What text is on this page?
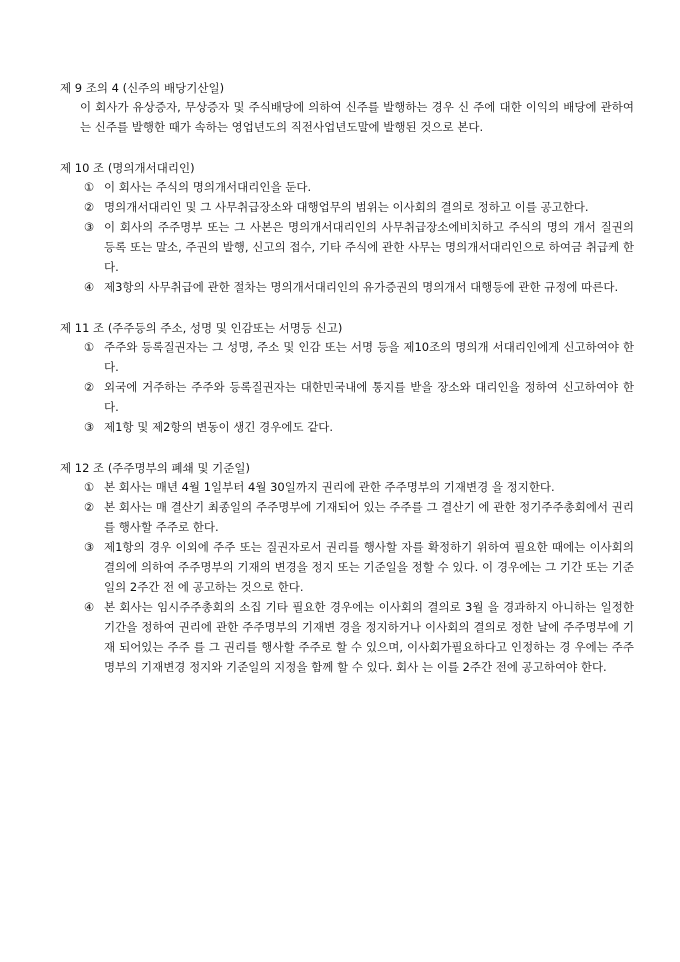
제 9 조의 4 (신주의 배당기산일)
이 회사가 유상증자, 무상증자 및 주식배당에 의하여 신주를 발행하는 경우 신 주에 대한 이익의 배당에 관하여는 신주를 발행한 때가 속하는 영업년도의 직전사업년도말에 발행된 것으로 본다.
제 10 조 (명의개서대리인)
① 이 회사는 주식의 명의개서대리인을 둔다.
② 명의개서대리인 및 그 사무취급장소와 대행업무의 범위는 이사회의 결의로 정하고 이를 공고한다.
③ 이 회사의 주주명부 또는 그 사본은 명의개서대리인의 사무취급장소에비치하고 주식의 명의 개서 질권의 등록 또는 말소, 주권의 발행, 신고의 접수, 기타 주식에 관한 사무는 명의개서대리인으로 하여금 취급케 한다.
④ 제3항의 사무취급에 관한 절차는 명의개서대리인의 유가증권의 명의개서 대행등에 관한 규정에 따른다.
제 11 조 (주주등의 주소, 성명 및 인감또는 서명등 신고)
① 주주와 등록질권자는 그 성명, 주소 및 인감 또는 서명 등을 제10조의 명의개 서대리인에게 신고하여야 한다.
② 외국에 거주하는 주주와 등록질권자는 대한민국내에 통지를 받을 장소와 대리인을 정하여 신고하여야 한다.
③ 제1항 및 제2항의 변동이 생긴 경우에도 같다.
제 12 조 (주주명부의 폐쇄 및 기준일)
① 본 회사는 매년 4월 1일부터 4월 30일까지 권리에 관한 주주명부의 기재변경 을 정지한다.
② 본 회사는 매 결산기 최종일의 주주명부에 기재되어 있는 주주를 그 결산기 에 관한 정기주주총회에서 권리를 행사할 주주로 한다.
③ 제1항의 경우 이외에 주주 또는 질권자로서 권리를 행사할 자를 확정하기 위하여 필요한 때에는 이사회의 결의에 의하여 주주명부의 기재의 변경을 정지 또는 기준일을 정할 수 있다. 이 경우에는 그 기간 또는 기준일의 2주간 전 에 공고하는 것으로 한다.
④ 본 회사는 임시주주총회의 소집 기타 필요한 경우에는 이사회의 결의로 3월 을 경과하지 아니하는 일정한 기간을 정하여 권리에 관한 주주명부의 기재변 경을 정지하거나 이사회의 결의로 정한 날에 주주명부에 기재 되어있는 주주 를 그 권리를 행사할 주주로 할 수 있으며, 이사회가필요하다고 인정하는 경 우에는 주주명부의 기재변경 정지와 기준일의 지정을 함께 할 수 있다. 회사 는 이를 2주간 전에 공고하여야 한다.
